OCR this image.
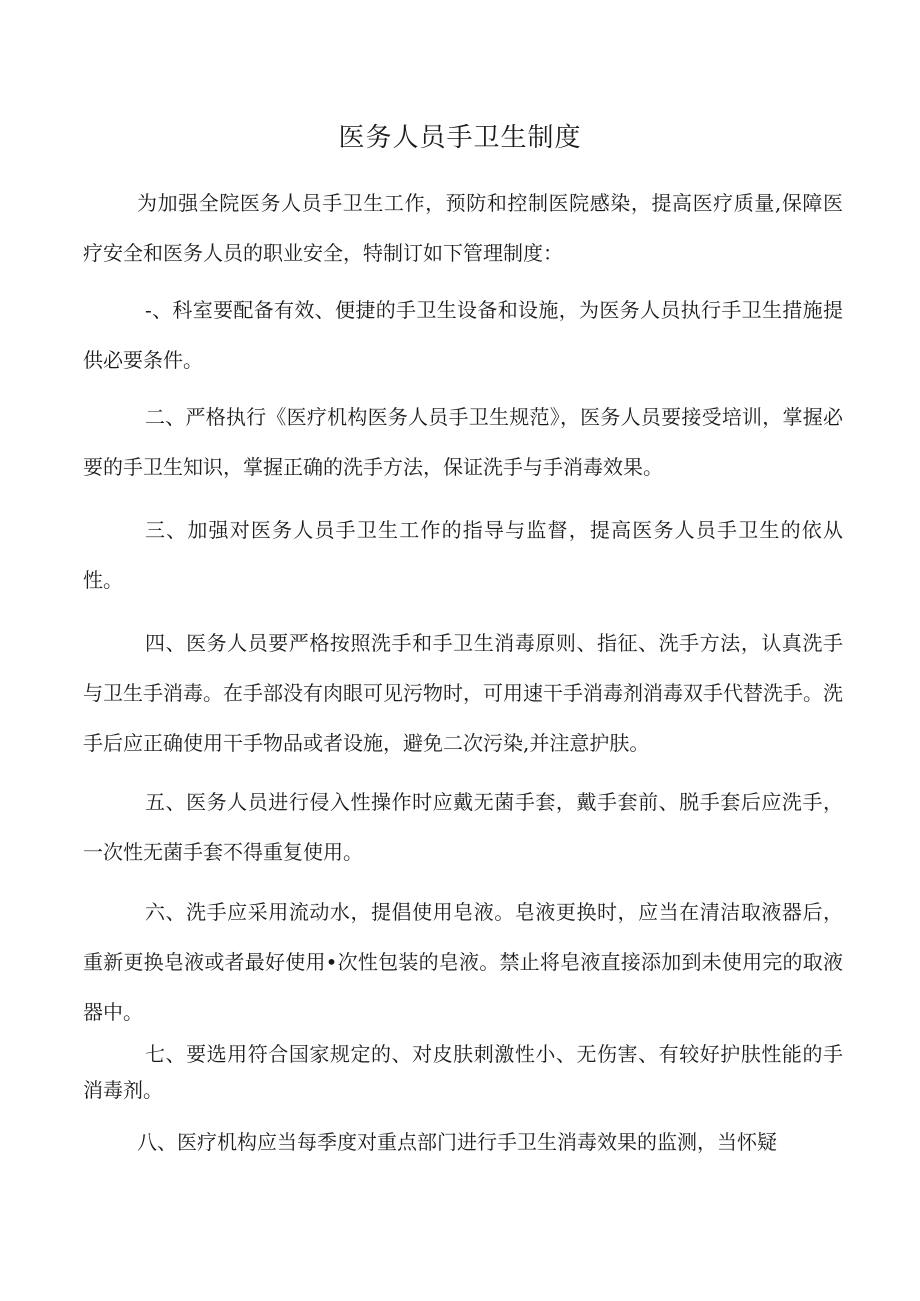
医务人员手卫生制度

为加强全院医务人员手卫生工作，预防和控制医院感染，提高医疗质量,保障医疗安全和医务人员的职业安全，特制订如下管理制度：

-、科室要配备有效、便捷的手卫生设备和设施，为医务人员执行手卫生措施提供必要条件。

二、严格执行《医疗机构医务人员手卫生规范》，医务人员要接受培训，掌握必要的手卫生知识，掌握正确的洗手方法，保证洗手与手消毒效果。

三、加强对医务人员手卫生工作的指导与监督，提高医务人员手卫生的依从性。

四、医务人员要严格按照洗手和手卫生消毒原则、指征、洗手方法，认真洗手与卫生手消毒。在手部没有肉眼可见污物时，可用速干手消毒剂消毒双手代替洗手。洗手后应正确使用干手物品或者设施，避免二次污染,并注意护肤。

五、医务人员进行侵入性操作时应戴无菌手套，戴手套前、脱手套后应洗手，一次性无菌手套不得重复使用。

六、洗手应采用流动水，提倡使用皂液。皂液更换时，应当在清洁取液器后，重新更换皂液或者最好使用•次性包装的皂液。禁止将皂液直接添加到未使用完的取液器中。

七、要选用符合国家规定的、对皮肤刺激性小、无伤害、有较好护肤性能的手消毒剂。

八、医疗机构应当每季度对重点部门进行手卫生消毒效果的监测，当怀疑
